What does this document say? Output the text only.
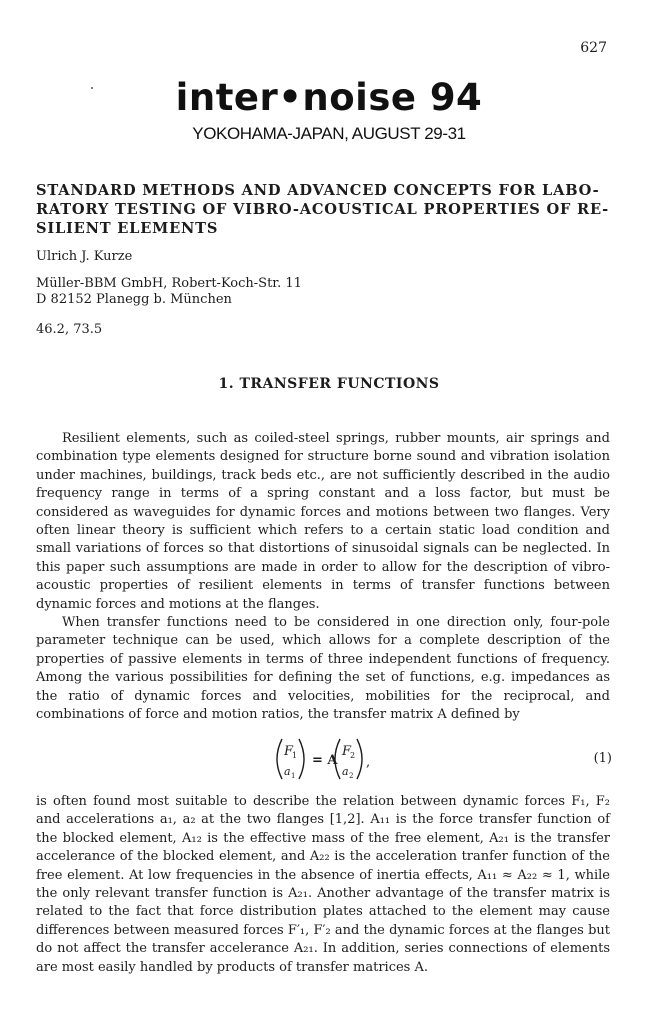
627
inter•noise 94
YOKOHAMA-JAPAN, AUGUST 29-31
STANDARD METHODS AND ADVANCED CONCEPTS FOR LABO-
RATORY TESTING OF VIBRO-ACOUSTICAL PROPERTIES OF RE-
SILIENT ELEMENTS
Ulrich J. Kurze
Müller-BBM GmbH, Robert-Koch-Str. 11
D 82152 Planegg b. München
46.2, 73.5
1. TRANSFER FUNCTIONS

Resilient elements, such as coiled-steel springs, rubber mounts, air springs and combination type elements designed for structure borne sound and vibration isolation under machines, buildings, track beds etc., are not sufficiently described in the audio frequency range in terms of a spring constant and a loss factor, but must be considered as waveguides for dynamic forces and motions between two flanges. Very often linear theory is sufficient which refers to a certain static load condition and small variations of forces so that distortions of sinusoidal signals can be neglected. In this paper such assumptions are made in order to allow for the description of vibro-acoustic properties of resilient elements in terms of transfer functions between dynamic forces and motions at the flanges.

When transfer functions need to be considered in one direction only, four-pole parameter technique can be used, which allows for a complete description of the properties of passive elements in terms of three independent functions of frequency. Among the various possibilities for defining the set of functions, e.g. impedances as the ratio of dynamic forces and velocities, mobilities for the reciprocal, and combinations of force and motion ratios, the transfer matrix A defined by

F
1
a 1
= A
F
2
a 2
,	(1)

is often found most suitable to describe the relation between dynamic forces F₁, F₂ and accelerations a₁, a₂ at the two flanges [1,2]. A₁₁ is the force transfer function of the blocked element, A₁₂ is the effective mass of the free element, A₂₁ is the transfer accelerance of the blocked element, and A₂₂ is the acceleration tranfer function of the free element. At low frequencies in the absence of inertia effects, A₁₁ ≈ A₂₂ ≈ 1, while the only relevant transfer function is A₂₁. Another advantage of the transfer matrix is related to the fact that force distribution plates attached to the element may cause differences between measured forces F′₁, F′₂ and the dynamic forces at the flanges but do not affect the transfer accelerance A₂₁. In addition, series connections of elements are most easily handled by products of transfer matrices A.
